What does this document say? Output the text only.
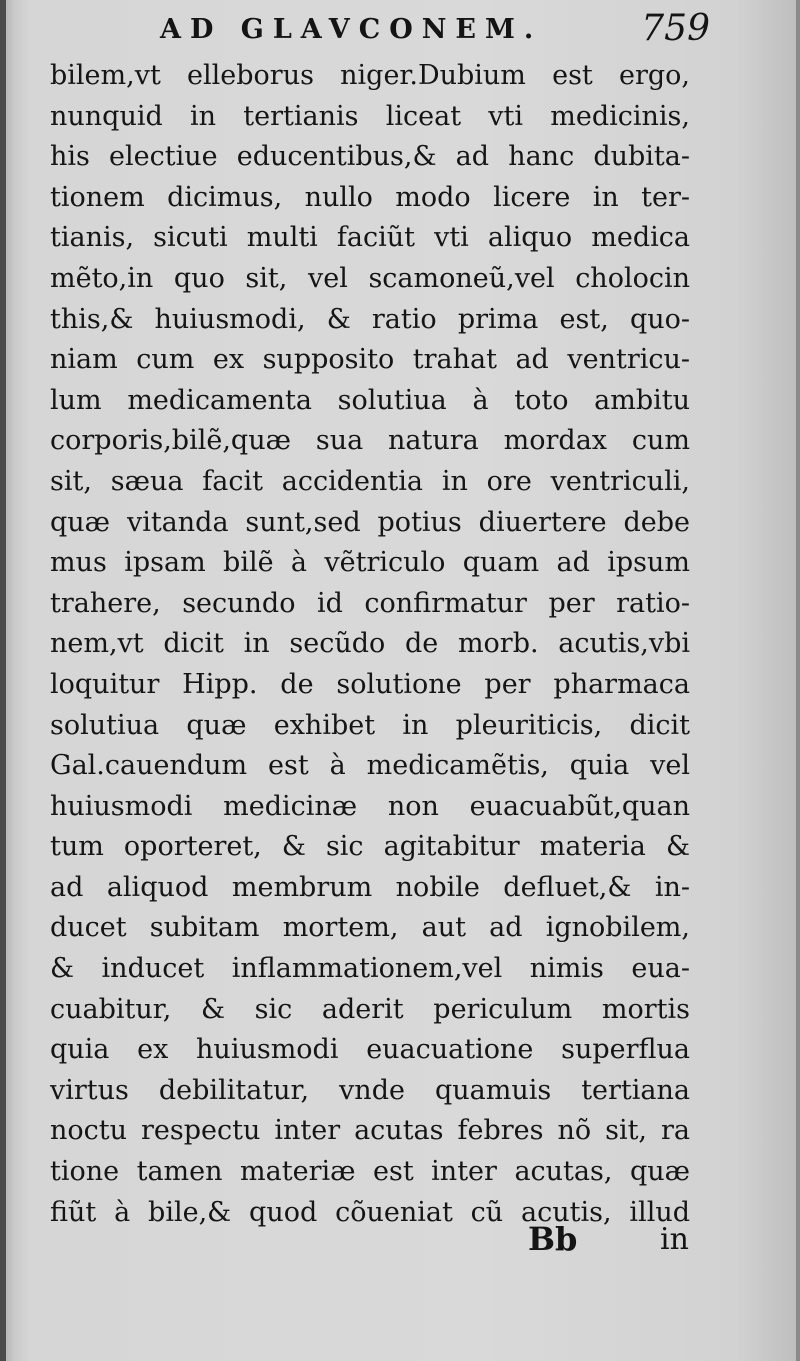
AD GLAVCONEM.	759
bilem,vt elleborus niger.Dubium est ergo,
nunquid in tertianis liceat vti medicinis,
his electiue educentibus,& ad hanc dubita-
tionem dicimus, nullo modo licere in ter-
tianis, sicuti multi faciũt vti aliquo medica
mẽto,in quo sit, vel scamoneũ,vel cholocin
this,& huiusmodi, & ratio prima est, quo-
niam cum ex supposito trahat ad ventricu-
lum medicamenta solutiua à toto ambitu
corporis,bilẽ,quæ sua natura mordax cum
sit, sæua facit accidentia in ore ventriculi,
quæ vitanda sunt,sed potius diuertere debe
mus ipsam bilẽ à vẽtriculo quam ad ipsum
trahere, secundo id confirmatur per ratio-
nem,vt dicit in secũdo de morb. acutis,vbi
loquitur Hipp. de solutione per pharmaca
solutiua quæ exhibet in pleuriticis, dicit
Gal.cauendum est à medicamẽtis, quia vel
huiusmodi medicinæ non euacuabũt,quan
tum oporteret, & sic agitabitur materia &
ad aliquod membrum nobile defluet,& in-
ducet subitam mortem, aut ad ignobilem,
& inducet inflammationem,vel nimis eua-
cuabitur, & sic aderit periculum mortis
quia ex huiusmodi euacuatione superflua
virtus debilitatur, vnde quamuis tertiana
noctu respectu inter acutas febres nõ sit, ra
tione tamen materiæ est inter acutas, quæ
fiũt à bile,& quod cõueniat cũ acutis, illud
Bb	in
